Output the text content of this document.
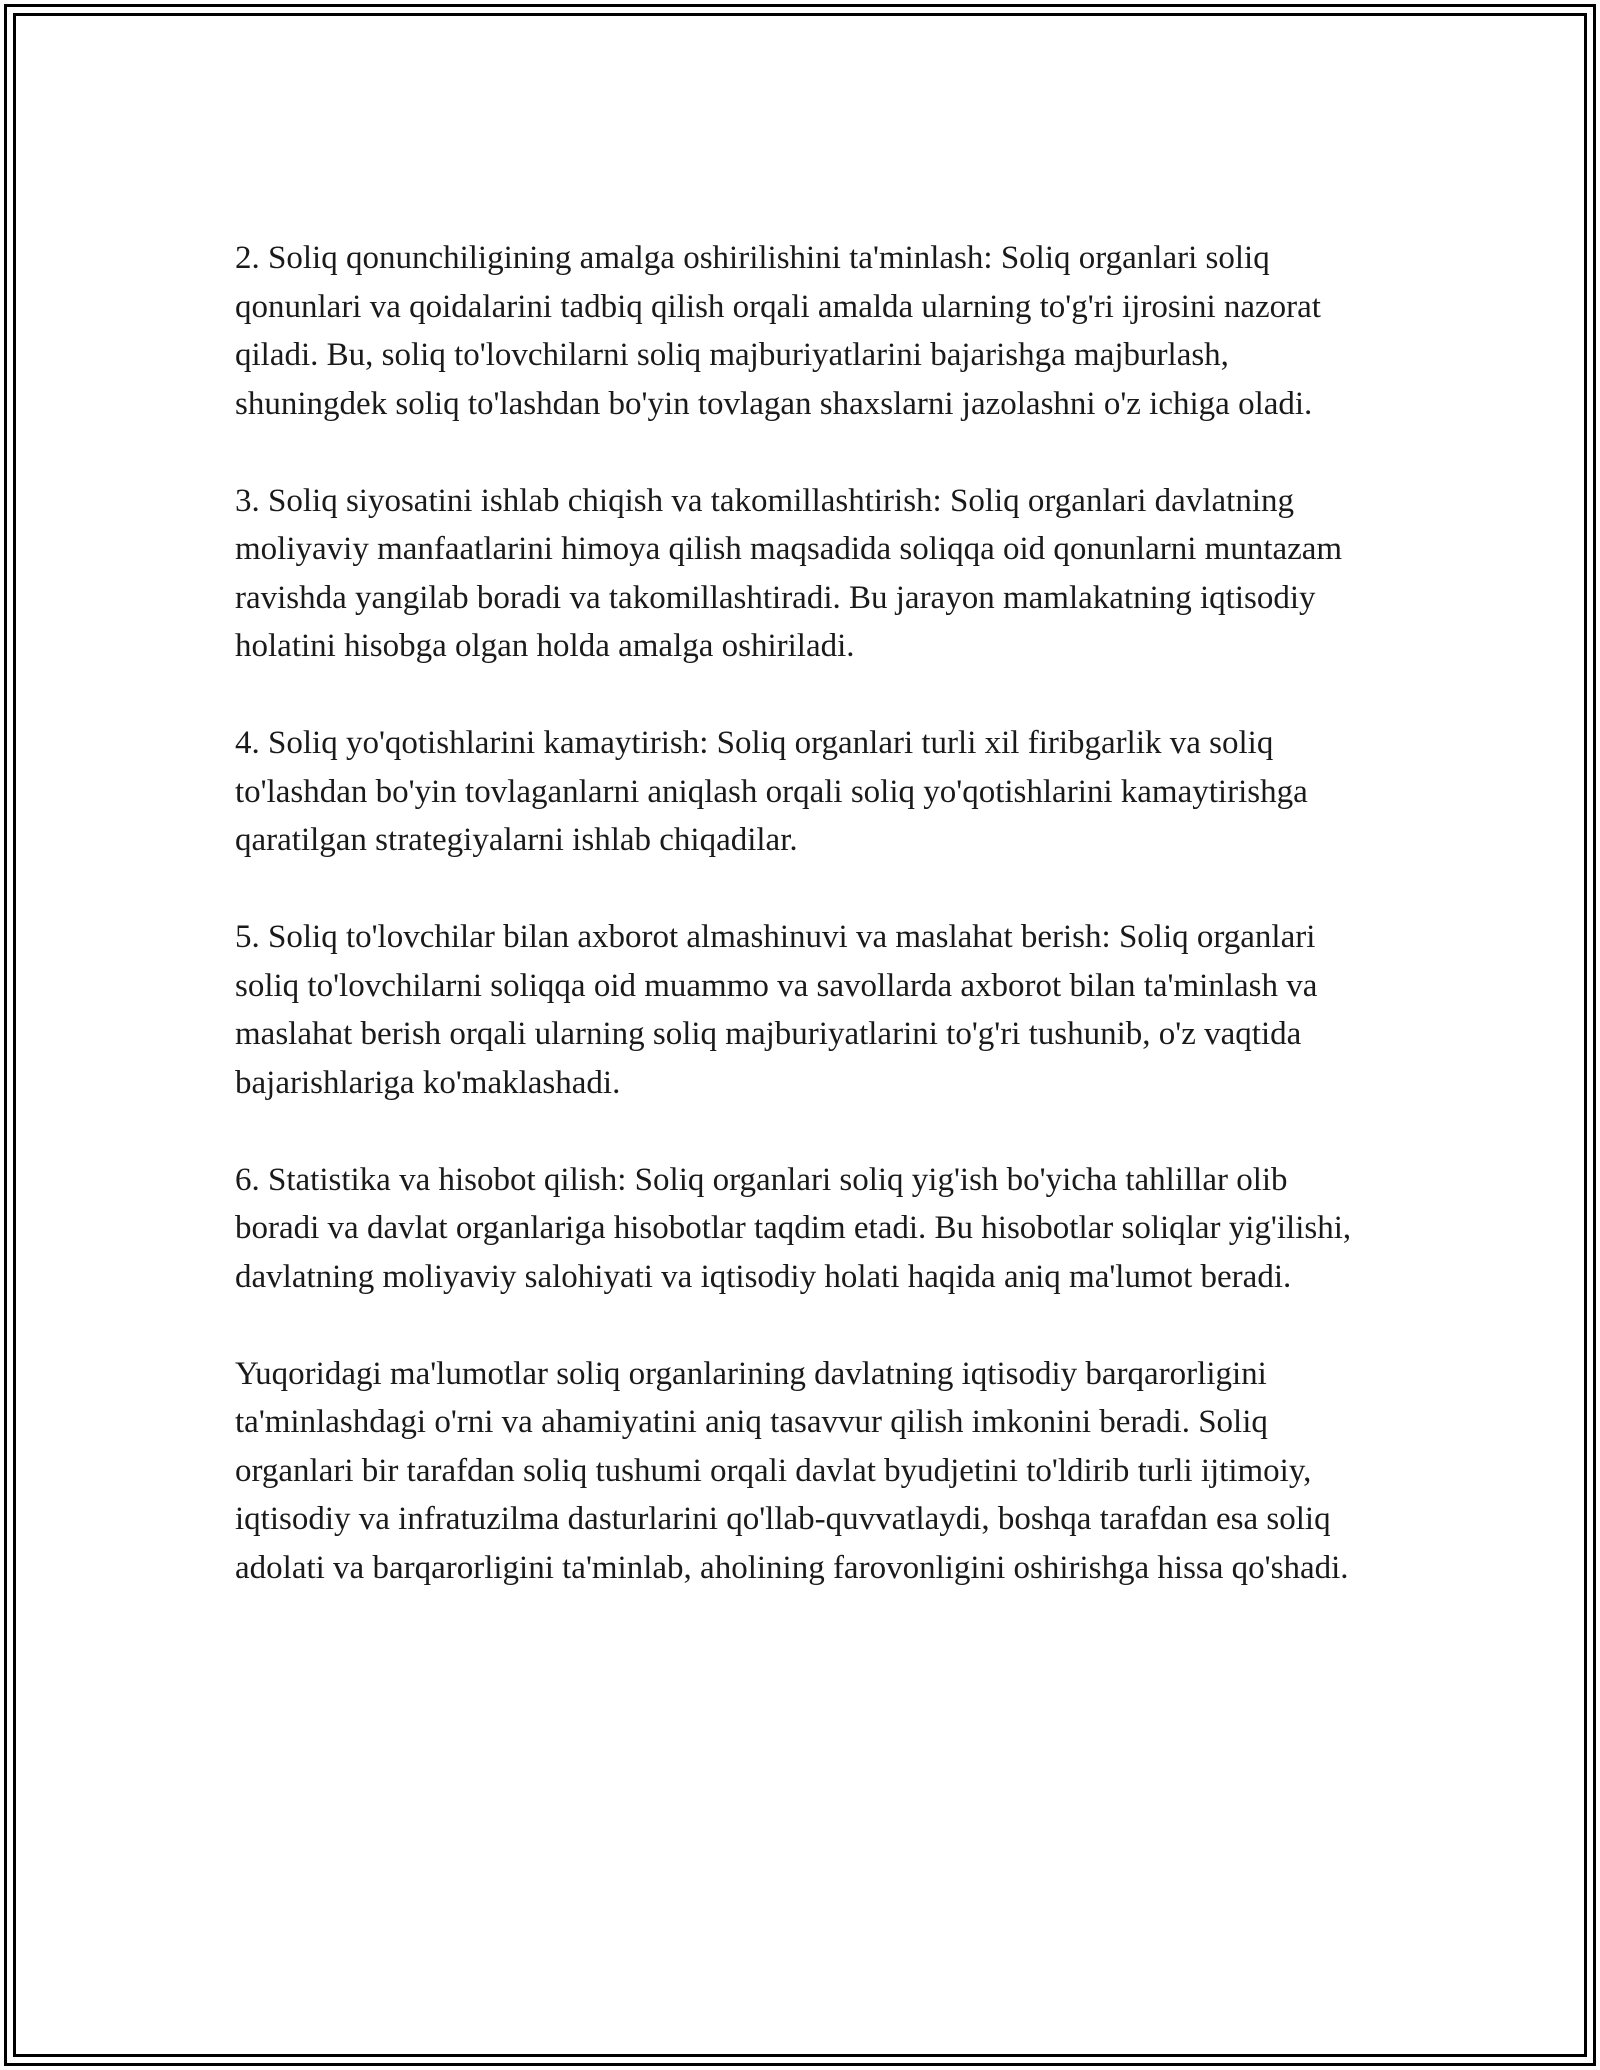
2. Soliq qonunchiligining amalga oshirilishini ta'minlash: Soliq organlari soliq qonunlari va qoidalarini tadbiq qilish orqali amalda ularning to'g'ri ijrosini nazorat qiladi. Bu, soliq to'lovchilarni soliq majburiyatlarini bajarishga majburlash, shuningdek soliq to'lashdan bo'yin tovlagan shaxslarni jazolashni o'z ichiga oladi.

3. Soliq siyosatini ishlab chiqish va takomillashtirish: Soliq organlari davlatning moliyaviy manfaatlarini himoya qilish maqsadida soliqqa oid qonunlarni muntazam ravishda yangilab boradi va takomillashtiradi. Bu jarayon mamlakatning iqtisodiy holatini hisobga olgan holda amalga oshiriladi.

4. Soliq yo'qotishlarini kamaytirish: Soliq organlari turli xil firibgarlik va soliq to'lashdan bo'yin tovlaganlarni aniqlash orqali soliq yo'qotishlarini kamaytirishga qaratilgan strategiyalarni ishlab chiqadilar.

5. Soliq to'lovchilar bilan axborot almashinuvi va maslahat berish: Soliq organlari soliq to'lovchilarni soliqqa oid muammo va savollarda axborot bilan ta'minlash va maslahat berish orqali ularning soliq majburiyatlarini to'g'ri tushunib, o'z vaqtida bajarishlariga ko'maklashadi.

6. Statistika va hisobot qilish: Soliq organlari soliq yig'ish bo'yicha tahlillar olib boradi va davlat organlariga hisobotlar taqdim etadi. Bu hisobotlar soliqlar yig'ilishi, davlatning moliyaviy salohiyati va iqtisodiy holati haqida aniq ma'lumot beradi.

Yuqoridagi ma'lumotlar soliq organlarining davlatning iqtisodiy barqarorligini ta'minlashdagi o'rni va ahamiyatini aniq tasavvur qilish imkonini beradi. Soliq organlari bir tarafdan soliq tushumi orqali davlat byudjetini to'ldirib turli ijtimoiy, iqtisodiy va infratuzilma dasturlarini qo'llab-quvvatlaydi, boshqa tarafdan esa soliq adolati va barqarorligini ta'minlab, aholining farovonligini oshirishga hissa qo'shadi.
